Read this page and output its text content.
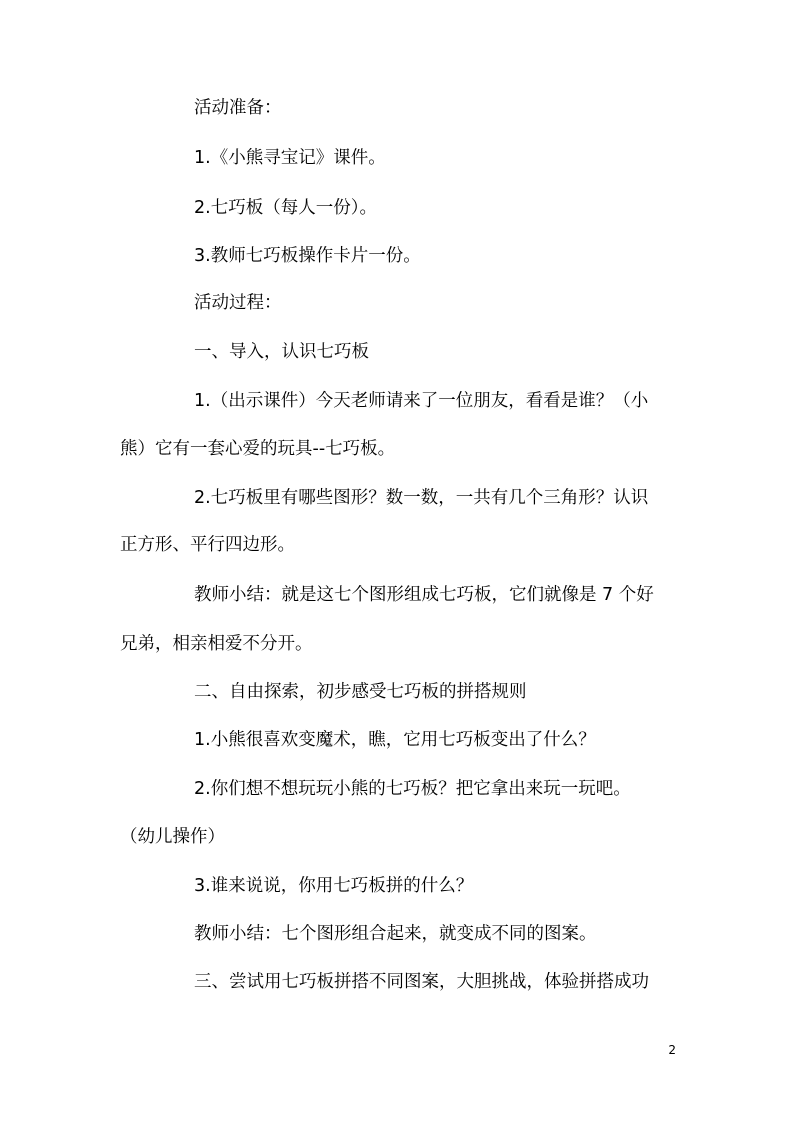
活动准备：
1.《小熊寻宝记》课件。
2.七巧板（每人一份）。
3.教师七巧板操作卡片一份。
活动过程：
一、导入，认识七巧板
1.（出示课件）今天老师请来了一位朋友，看看是谁？（小
熊）它有一套心爱的玩具--七巧板。
2.七巧板里有哪些图形？数一数，一共有几个三角形？认识
正方形、平行四边形。
教师小结：就是这七个图形组成七巧板，它们就像是 7 个好
兄弟，相亲相爱不分开。
二、自由探索，初步感受七巧板的拼搭规则
1.小熊很喜欢变魔术，瞧，它用七巧板变出了什么？
2.你们想不想玩玩小熊的七巧板？把它拿出来玩一玩吧。
（幼儿操作）
3.谁来说说，你用七巧板拼的什么？
教师小结：七个图形组合起来，就变成不同的图案。
三、尝试用七巧板拼搭不同图案，大胆挑战，体验拼搭成功
2
